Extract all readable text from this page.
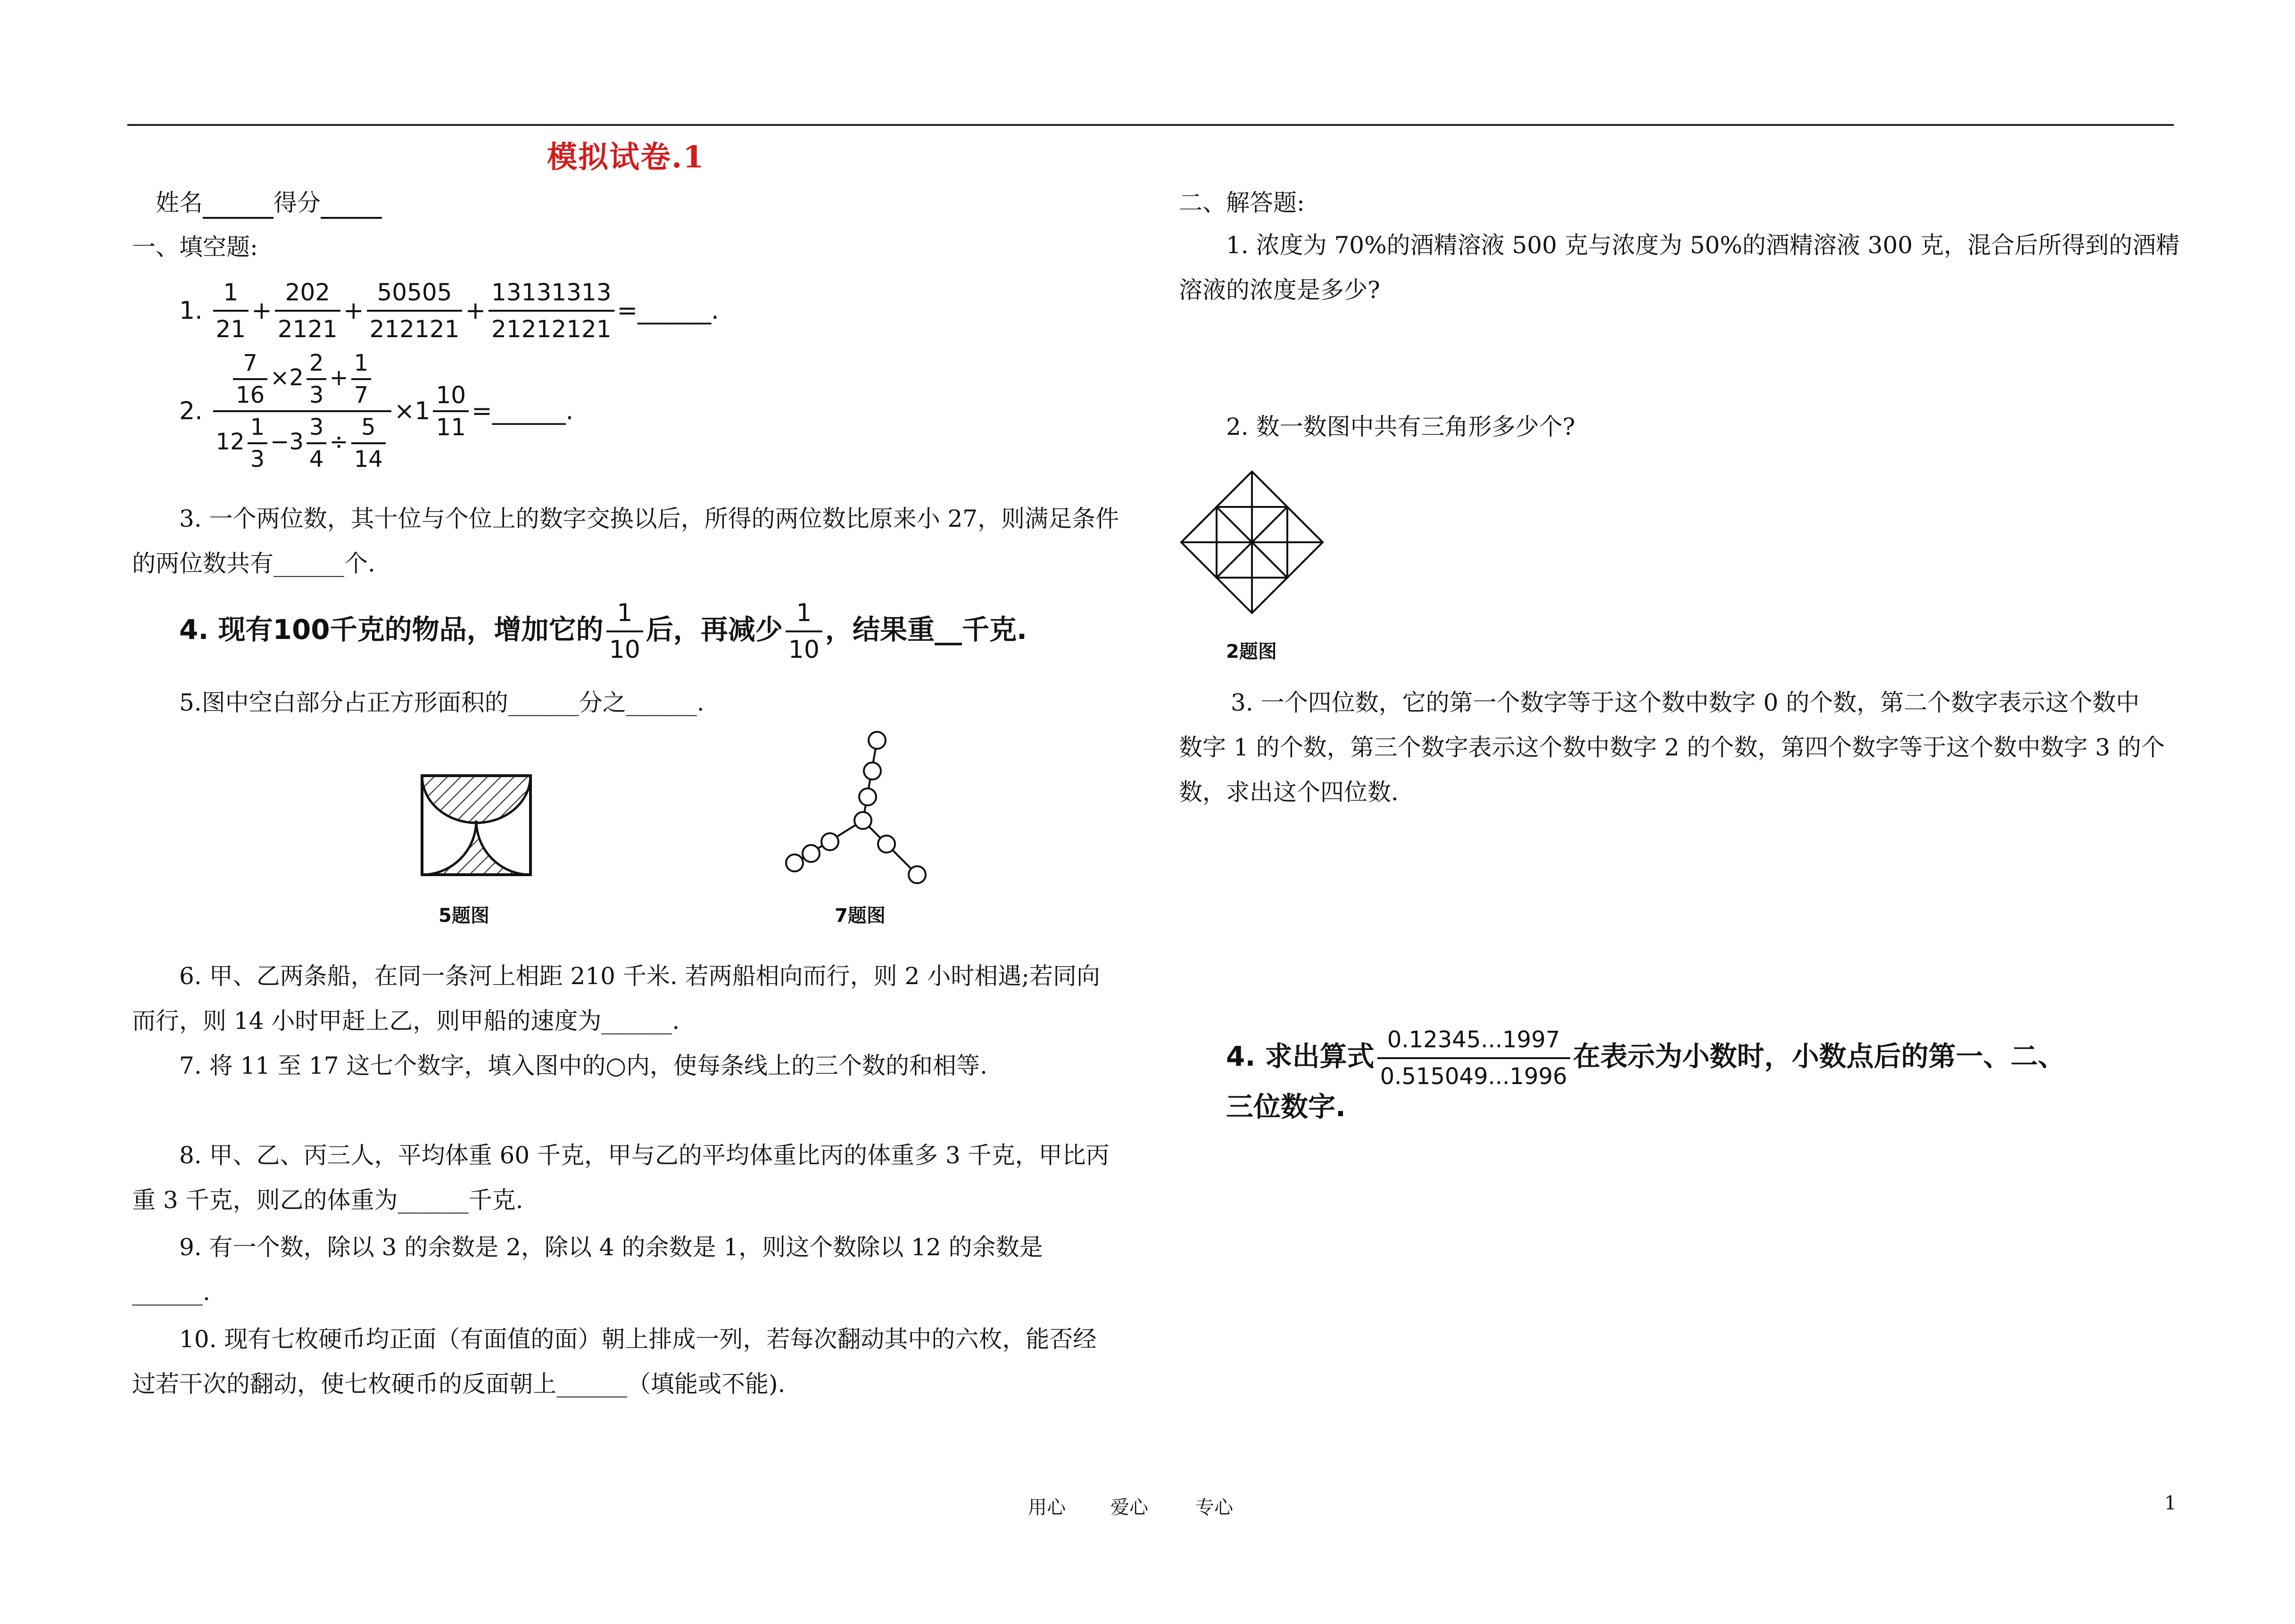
模拟试卷.1
姓名	得分
一、填空题:
1. $\frac{1}{21} + \frac{202}{2121} + \frac{50505}{212121} + \frac{13131313}{21212121}$ =______.
2. $\frac{\frac{7}{16} \times 2 \frac{2}{3} + \frac{1}{7}}{12 \frac{1}{3} -3 \frac{3}{4} \div \frac{5}{14}} \times 1 \frac{10}{11}$ =______.
3. 一个两位数，其十位与个位上的数字交换以后，所得的两位数比原来小 27，则满足条件
的两位数共有______个.
4. 现有100千克的物品，增加它的 $\frac{1}{10}$ 后，再减少 $\frac{1}{10}$ ，结果重__千克.
5.图中空白部分占正方形面积的______分之______.
5题图	7题图
6. 甲、乙两条船，在同一条河上相距 210 千米. 若两船相向而行，则 2 小时相遇;若同向
而行，则 14 小时甲赶上乙，则甲船的速度为______.
7. 将 11 至 17 这七个数字，填入图中的○内，使每条线上的三个数的和相等.
8. 甲、乙、丙三人，平均体重 60 千克，甲与乙的平均体重比丙的体重多 3 千克，甲比丙
重 3 千克，则乙的体重为______千克.
9. 有一个数，除以 3 的余数是 2，除以 4 的余数是 1，则这个数除以 12 的余数是
______.
10. 现有七枚硬币均正面（有面值的面）朝上排成一列，若每次翻动其中的六枚，能否经
过若干次的翻动，使七枚硬币的反面朝上______（填能或不能).
二、解答题:
1. 浓度为 70%的酒精溶液 500 克与浓度为 50%的酒精溶液 300 克，混合后所得到的酒精
溶液的浓度是多少?
2. 数一数图中共有三角形多少个?
2题图
3. 一个四位数，它的第一个数字等于这个数中数字 0 的个数，第二个数字表示这个数中
数字 1 的个数，第三个数字表示这个数中数字 2 的个数，第四个数字等于这个数中数字 3 的个
数，求出这个四位数.
4. 求出算式 $\frac{0.12345...1997}{0.515049...1996}$ 在表示为小数时，小数点后的第一、二、
三位数字.
用心 爱心	专心	1
